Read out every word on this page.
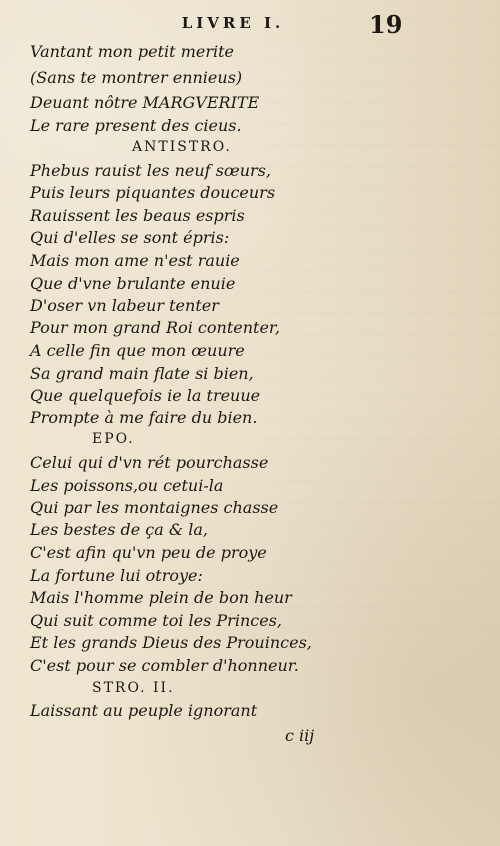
LIVRE I.	19
Vantant mon petit merite
(Sans te montrer ennieus)
Deuant nôtre MARGVERITE
Le rare present des cieus.
ANTISTRO.
Phebus rauist les neuf sœurs,
Puis leurs piquantes douceurs
Rauissent les beaus espris
Qui d'elles se sont épris:
Mais mon ame n'est rauie
Que d'vne brulante enuie
D'oser vn labeur tenter
Pour mon grand Roi contenter,
A celle fin que mon œuure
Sa grand main flate si bien,
Que quelquefois ie la treuue
Prompte à me faire du bien.
EPO.
Celui qui d'vn rét pourchasse
Les poissons,ou cetui-la
Qui par les montaignes chasse
Les bestes de ça & la,
C'est afin qu'vn peu de proye
La fortune lui otroye:
Mais l'homme plein de bon heur
Qui suit comme toi les Princes,
Et les grands Dieus des Prouinces,
C'est pour se combler d'honneur.
STRO. II.
Laissant au peuple ignorant
c iij
